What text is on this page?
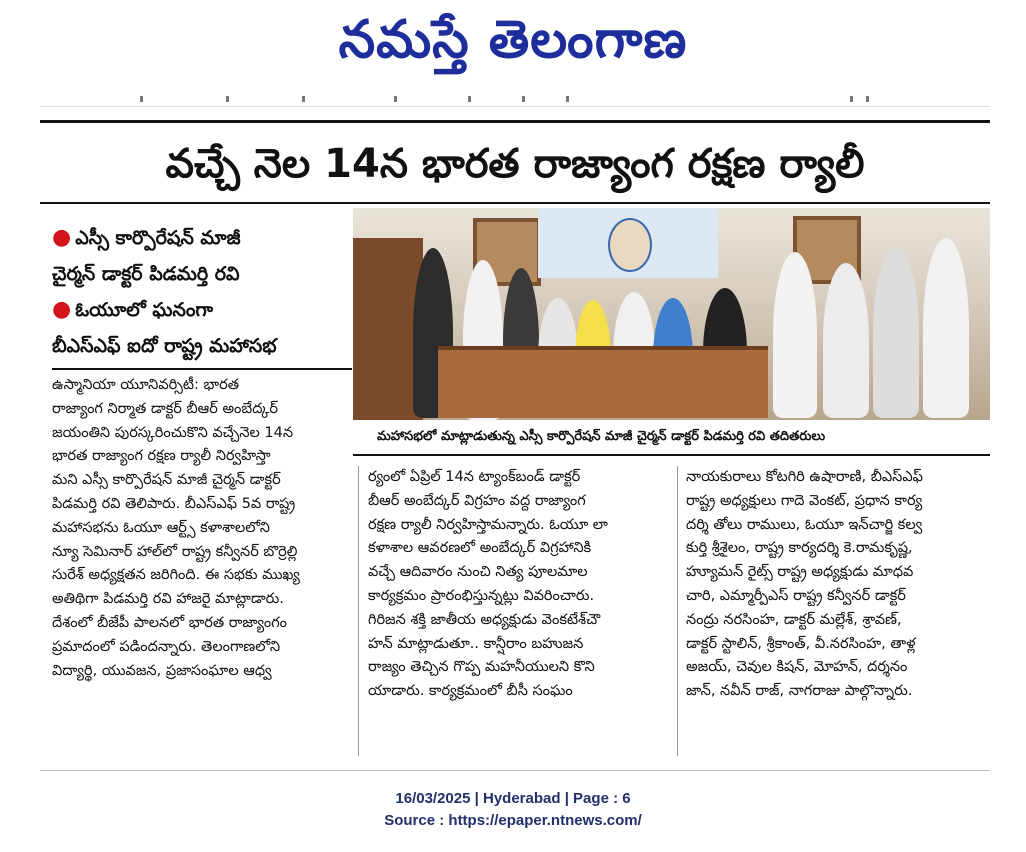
నమస్తే తెలంగాణ
వచ్చే నెల 14న భారత రాజ్యాంగ రక్షణ ర్యాలీ
● ఎస్సీ కార్పొరేషన్ మాజీ
చైర్మన్ డాక్టర్ పిడమర్తి రవి
● ఓయూలో ఘనంగా
బీఎస్ఎఫ్ ఐదో రాష్ట్ర మహాసభ
మహాసభలో మాట్లాడుతున్న ఎస్సీ కార్పొరేషన్ మాజీ చైర్మన్ డాక్టర్ పిడమర్తి రవి తదితరులు

ఉస్మానియా యూనివర్సిటీ: భారత

రాజ్యాంగ నిర్మాత డాక్టర్ బీఆర్ అంబేద్కర్

జయంతిని పురస్కరించుకొని వచ్చేనెల 14న

భారత రాజ్యాంగ రక్షణ ర్యాలీ నిర్వహిస్తా

మని ఎస్సీ కార్పొరేషన్ మాజీ చైర్మన్ డాక్టర్

పిడమర్తి రవి తెలిపారు. బీఎస్ఎఫ్ 5వ రాష్ట్ర

మహాసభను ఓయూ ఆర్ట్స్ కళాశాలలోని

న్యూ సెమినార్ హాల్‌లో రాష్ట్ర కన్వీనర్ బొర్రెల్లి

సురేశ్ అధ్యక్షతన జరిగింది. ఈ సభకు ముఖ్య

అతిథిగా పిడమర్తి రవి హాజరై మాట్లాడారు.

దేశంలో బీజేపీ పాలనలో భారత రాజ్యాంగం

ప్రమాదంలో పడిందన్నారు. తెలంగాణలోని

విద్యార్థి, యువజన, ప్రజాసంఘాల ఆధ్వ

ర్యంలో ఏప్రిల్ 14న ట్యాంక్‌బండ్ డాక్టర్

బీఆర్ అంబేద్కర్ విగ్రహం వద్ద రాజ్యాంగ

రక్షణ ర్యాలీ నిర్వహిస్తామన్నారు. ఓయూ లా

కళాశాల ఆవరణలో అంబేద్కర్ విగ్రహానికి

వచ్చే ఆదివారం నుంచి నిత్య పూలమాల

కార్యక్రమం ప్రారంభిస్తున్నట్లు వివరించారు.

గిరిజన శక్తి జాతీయ అధ్యక్షుడు వెంకటేశ్‌చౌ

హన్ మాట్లాడుతూ.. కాన్షీరాం బహుజన

రాజ్యం తెచ్చిన గొప్ప మహనీయులని కొని

యాడారు. కార్యక్రమంలో బీసీ సంఘం

నాయకురాలు కోటగిరి ఉషారాణి, బీఎస్ఎఫ్

రాష్ట్ర అధ్యక్షులు గాదె వెంకట్, ప్రధాన కార్య

దర్శి తోలు రాములు, ఓయూ ఇన్‌చార్జి కల్వ

కుర్తి శ్రీశైలం, రాష్ట్ర కార్యదర్శి కె.రామకృష్ణ,

హ్యూమన్ రైట్స్ రాష్ట్ర అధ్యక్షుడు మాధవ

చారి, ఎమ్మార్పీఎస్ రాష్ట్ర కన్వీనర్ డాక్టర్

నంద్రు నరసింహ, డాక్టర్ మల్లేశ్, శ్రావణ్,

డాక్టర్ స్టాలిన్, శ్రీకాంత్, వీ.నరసింహ, తాళ్ల

అజయ్, చెవుల కిషన్, మోహన్, దర్శనం

జాన్, నవీన్ రాజ్, నాగరాజు పాల్గొన్నారు.

16/03/2025 | Hyderabad | Page : 6
Source : https://epaper.ntnews.com/
